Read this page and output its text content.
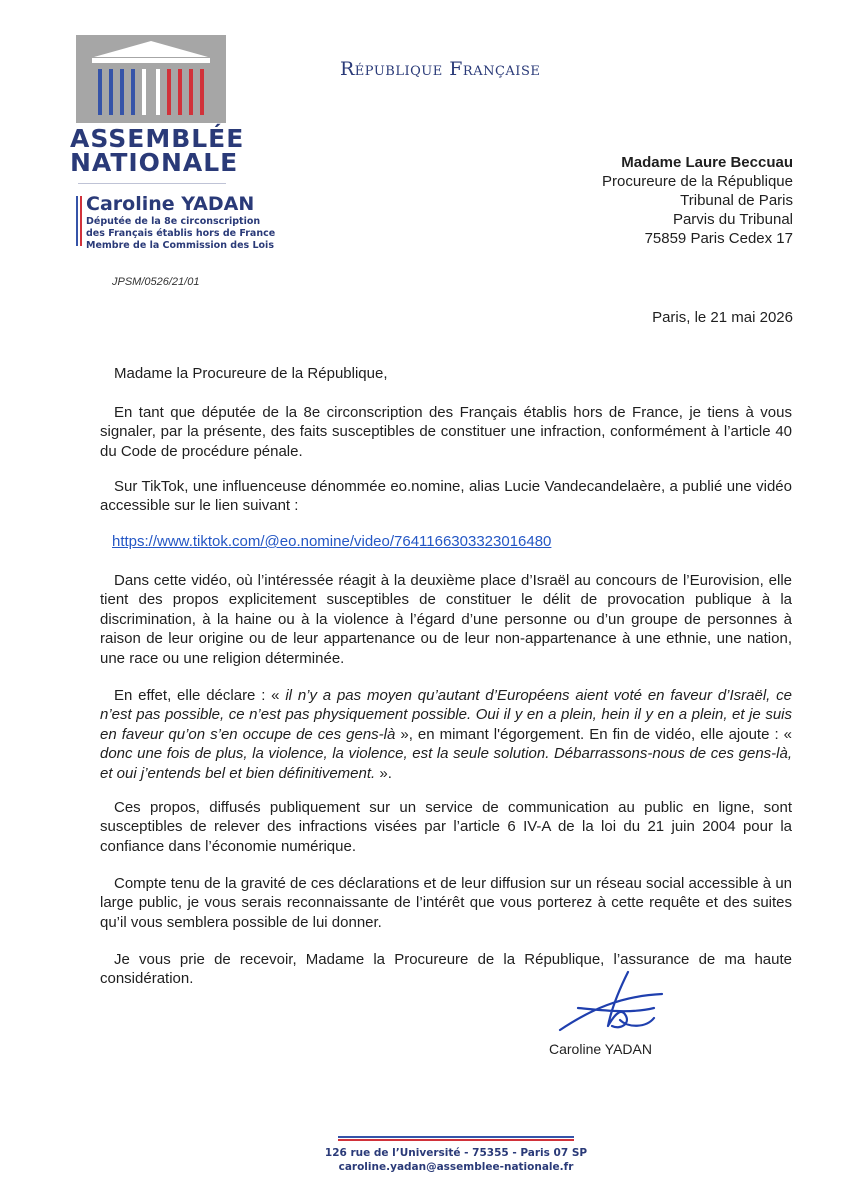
ASSEMBLÉE
NATIONALE
Caroline YADAN
Députée de la 8e circonscription
des Français établis hors de France
Membre de la Commission des Lois
République Française
Madame Laure Beccuau
Procureure de la République
Tribunal de Paris
Parvis du Tribunal
75859 Paris Cedex 17
JPSM/0526/21/01
Paris, le 21 mai 2026

Madame la Procureure de la République,

En tant que députée de la 8e circonscription des Français établis hors de France, je tiens à vous signaler, par la présente, des faits susceptibles de constituer une infraction, conformément à l’article 40 du Code de procédure pénale.

Sur TikTok, une influenceuse dénommée eo.nomine, alias Lucie Vandecandelaère, a publié une vidéo accessible sur le lien suivant :

https://www.tiktok.com/@eo.nomine/video/7641166303323016480

Dans cette vidéo, où l’intéressée réagit à la deuxième place d’Israël au concours de l’Eurovision, elle tient des propos explicitement susceptibles de constituer le délit de provocation publique à la discrimination, à la haine ou à la violence à l’égard d’une personne ou d’un groupe de personnes à raison de leur origine ou de leur appartenance ou de leur non-appartenance à une ethnie, une nation, une race ou une religion déterminée.

En effet, elle déclare : « il n’y a pas moyen qu’autant d’Européens aient voté en faveur d’Israël, ce n’est pas possible, ce n’est pas physiquement possible. Oui il y en a plein, hein il y en a plein, et je suis en faveur qu’on s’en occupe de ces gens-là », en mimant l'égorgement. En fin de vidéo, elle ajoute : « donc une fois de plus, la violence, la violence, est la seule solution. Débarrassons-nous de ces gens-là, et oui j’entends bel et bien définitivement. ».

Ces propos, diffusés publiquement sur un service de communication au public en ligne, sont susceptibles de relever des infractions visées par l’article 6 IV-A de la loi du 21 juin 2004 pour la confiance dans l’économie numérique.

Compte tenu de la gravité de ces déclarations et de leur diffusion sur un réseau social accessible à un large public, je vous serais reconnaissante de l’intérêt que vous porterez à cette requête et des suites qu’il vous semblera possible de lui donner.

Je vous prie de recevoir, Madame la Procureure de la République, l’assurance de ma haute considération.

Caroline YADAN
126 rue de l’Université - 75355 - Paris 07 SP
caroline.yadan@assemblee-nationale.fr
